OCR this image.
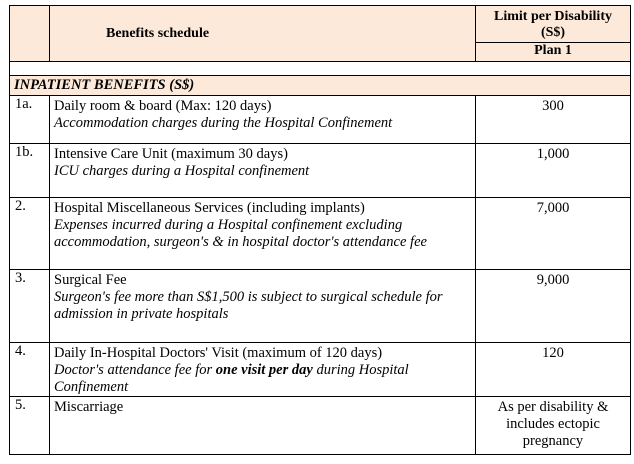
	Benefits schedule	Limit per Disability
(S$)
Plan 1

INPATIENT BENEFITS (S$)		
1a.	Daily room & board (Max: 120 days)
Accommodation charges during the Hospital Confinement	300
1b.	Intensive Care Unit (maximum 30 days)
ICU charges during a Hospital confinement	1,000
2.	Hospital Miscellaneous Services (including implants)
Expenses incurred during a Hospital confinement excluding accommodation, surgeon's & in hospital doctor's attendance fee	7,000
3.	Surgical Fee
Surgeon's fee more than S$1,500 is subject to surgical schedule for admission in private hospitals	9,000
4.	Daily In-Hospital Doctors' Visit (maximum of 120 days)
Doctor's attendance fee for one visit per day during Hospital Confinement	120
5.	Miscarriage	As per disability & includes ectopic pregnancy
